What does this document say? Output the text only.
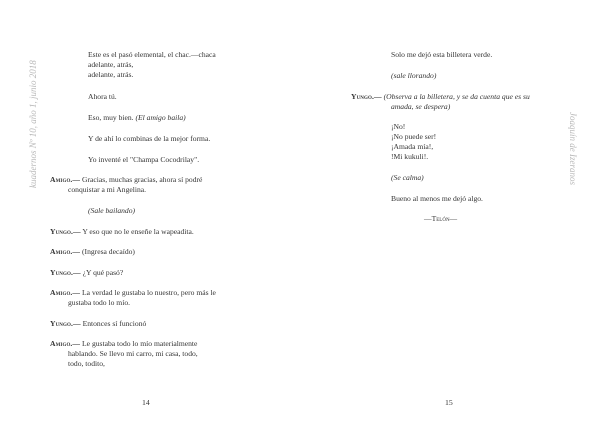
kuadernos Nº 10, año 1, junio 2018
Este es el pasó elemental, el chac.—chaca
adelante, atrás,
adelante, atrás.
Ahora tú.
Eso, muy bien. (El amigo baila)
Y de ahí lo combinas de la mejor forma.
Yo inventé el "Champa Cocodrilay".
Amigo.— Gracias, muchas gracias, ahora sí podré
conquistar a mi Angelina.
(Sale bailando)
Yungo.— Y eso que no le enseñe la wapeadita.
Amigo.— (Ingresa decaído)
Yungo.— ¿Y qué pasó?
Amigo.— La verdad le gustaba lo nuestro, pero más le
gustaba todo lo mío.
Yungo.— Entonces sí funcionó
Amigo.— Le gustaba todo lo mío materialmente
hablando. Se llevo mi carro, mi casa, todo,
todo, todito,
14
Joaquín de Izeranos
Solo me dejó esta billetera verde.
(sale llorando)
Yungo.— (Observa a la billetera, y se da cuenta que es su
amada, se despera)
¡No!
¡No puede ser!
¡Amada mía!,
!Mi kukuli!.
(Se calma)
Bueno al menos me dejó algo.
—Telón—
15
